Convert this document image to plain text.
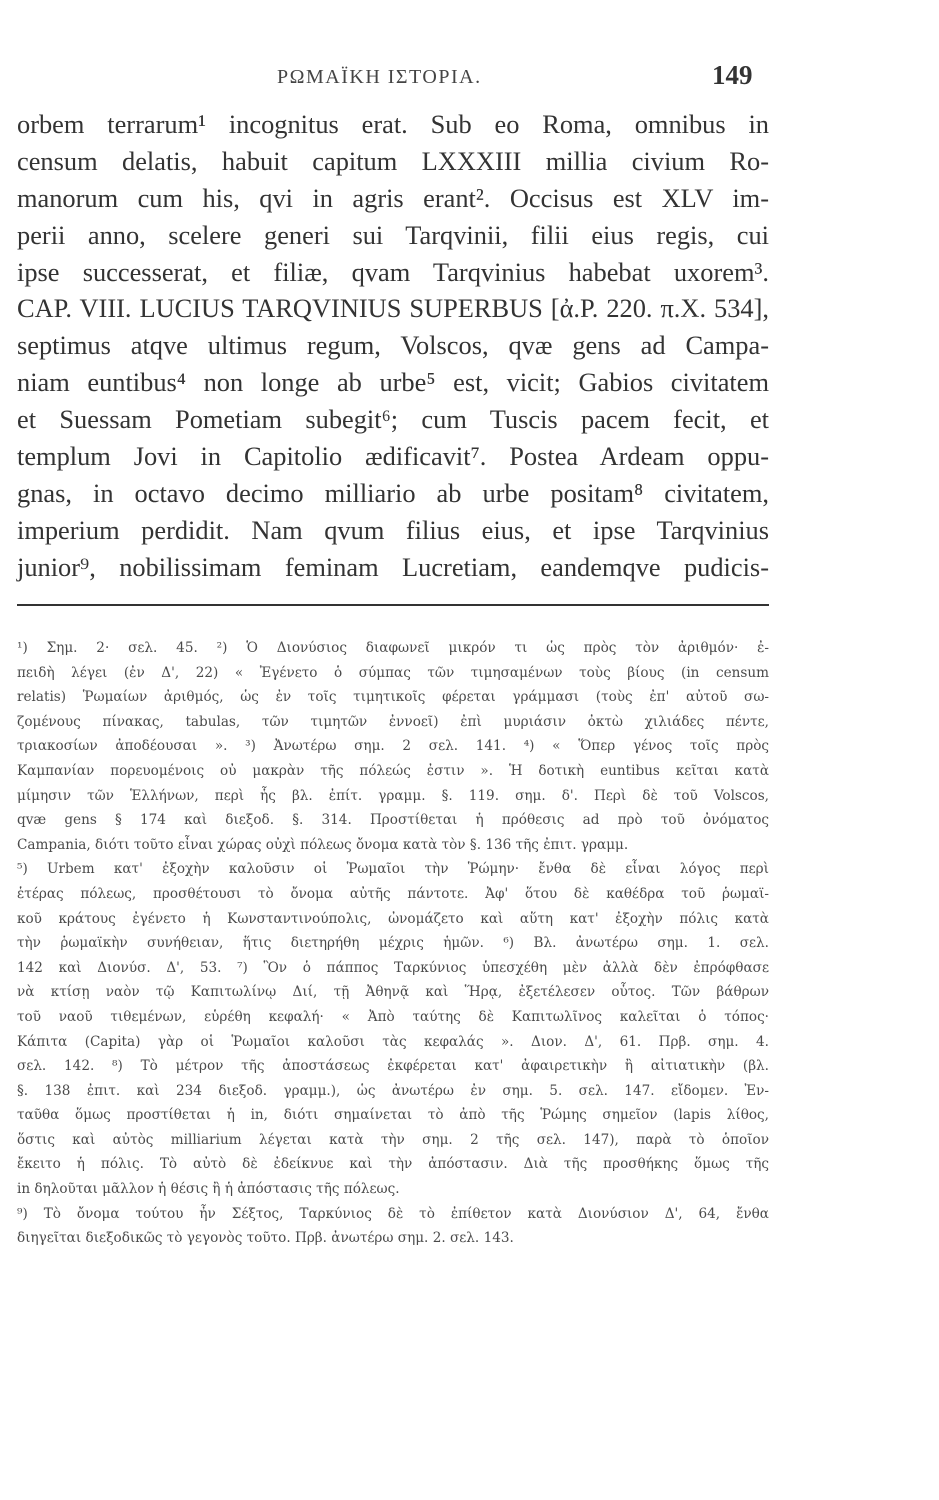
ΡΩΜΑΪΚΗ ΙΣΤΟΡΙΑ.	149
orbem terrarum¹ incognitus erat. Sub eo Roma, omnibus in
censum delatis, habuit capitum LXXXIII millia civium Ro-
manorum cum his, qvi in agris erant². Occisus est XLV im-
perii anno, scelere generi sui Tarqvinii, filii eius regis, cui
ipse successerat, et filiæ, qvam Tarqvinius habebat uxorem³.
CAP. VIII. LUCIUS TARQVINIUS SUPERBUS [ἀ.Ρ. 220. π.Χ. 534],
septimus atqve ultimus regum, Volscos, qvæ gens ad Campa-
niam euntibus⁴ non longe ab urbe⁵ est, vicit; Gabios civitatem
et Suessam Pometiam subegit⁶; cum Tuscis pacem fecit, et
templum Jovi in Capitolio ædificavit⁷. Postea Ardeam oppu-
gnas, in octavo decimo milliario ab urbe positam⁸ civitatem,
imperium perdidit. Nam qvum filius eius, et ipse Tarqvinius
junior⁹, nobilissimam feminam Lucretiam, eandemqve pudicis-
¹) Σημ. 2· σελ. 45. ²) Ὁ Διονύσιος διαφωνεῖ μικρόν τι ὡς πρὸς τὸν ἀριθμόν· ἐ-
πειδὴ λέγει (ἐν Δ', 22) « Ἐγένετο ὁ σύμπας τῶν τιμησαμένων τοὺς βίους (in censum
relatis) Ῥωμαίων ἀριθμός, ὡς ἐν τοῖς τιμητικοῖς φέρεται γράμμασι (τοὺς ἐπ' αὐτοῦ σω-
ζομένους πίνακας, tabulas, τῶν τιμητῶν ἐννοεῖ) ἐπὶ μυριάσιν ὀκτὼ χιλιάδες πέντε,
τριακοσίων ἀποδέουσαι ». ³) Ἀνωτέρω σημ. 2 σελ. 141. ⁴) « Ὅπερ γένος τοῖς πρὸς
Καμπανίαν πορευομένοις οὐ μακρὰν τῆς πόλεώς ἐστιν ». Ἡ δοτικὴ euntibus κεῖται κατὰ
μίμησιν τῶν Ἑλλήνων, περὶ ἧς βλ. ἐπίτ. γραμμ. §. 119. σημ. δ'. Περὶ δὲ τοῦ Volscos,
qvæ gens § 174 καὶ διεξοδ. §. 314. Προστίθεται ἡ πρόθεσις ad πρὸ τοῦ ὀνόματος
Campania, διότι τοῦτο εἶναι χώρας οὐχὶ πόλεως ὄνομα κατὰ τὸν §. 136 τῆς ἐπιτ. γραμμ.
⁵) Urbem κατ' ἐξοχὴν καλοῦσιν οἱ Ῥωμαῖοι τὴν Ῥώμην· ἔνθα δὲ εἶναι λόγος περὶ
ἑτέρας πόλεως, προσθέτουσι τὸ ὄνομα αὐτῆς πάντοτε. Ἀφ' ὅτου δὲ καθέδρα τοῦ ῥωμαϊ-
κοῦ κράτους ἐγένετο ἡ Κωνσταντινούπολις, ὠνομάζετο καὶ αὕτη κατ' ἐξοχὴν πόλις κατὰ
τὴν ῥωμαϊκὴν συνήθειαν, ἥτις διετηρήθη μέχρις ἡμῶν. ⁶) Βλ. ἀνωτέρω σημ. 1. σελ.
142 καὶ Διονύσ. Δ', 53. ⁷) Ὃν ὁ πάππος Ταρκύνιος ὑπεσχέθη μὲν ἀλλὰ δὲν ἐπρόφθασε
νὰ κτίσῃ ναὸν τῷ Καπιτωλίνῳ Διί, τῇ Ἀθηνᾷ καὶ Ἥρᾳ, ἐξετέλεσεν οὗτος. Τῶν βάθρων
τοῦ ναοῦ τιθεμένων, εὑρέθη κεφαλή· « Ἀπὸ ταύτης δὲ Καπιτωλῖνος καλεῖται ὁ τόπος·
Κάπιτα (Capita) γὰρ οἱ Ῥωμαῖοι καλοῦσι τὰς κεφαλάς ». Διον. Δ', 61. Πρβ. σημ. 4.
σελ. 142. ⁸) Τὸ μέτρον τῆς ἀποστάσεως ἐκφέρεται κατ' ἀφαιρετικὴν ἢ αἰτιατικὴν (βλ.
§. 138 ἐπιτ. καὶ 234 διεξοδ. γραμμ.), ὡς ἀνωτέρω ἐν σημ. 5. σελ. 147. εἴδομεν. Ἐν-
ταῦθα ὅμως προστίθεται ἡ in, διότι σημαίνεται τὸ ἀπὸ τῆς Ῥώμης σημεῖον (lapis λίθος,
ὅστις καὶ αὐτὸς milliarium λέγεται κατὰ τὴν σημ. 2 τῆς σελ. 147), παρὰ τὸ ὁποῖον
ἔκειτο ἡ πόλις. Τὸ αὐτὸ δὲ ἐδείκνυε καὶ τὴν ἀπόστασιν. Διὰ τῆς προσθήκης ὅμως τῆς
in δηλοῦται μᾶλλον ἡ θέσις ἢ ἡ ἀπόστασις τῆς πόλεως.
⁹) Τὸ ὄνομα τούτου ἦν Σέξτος, Ταρκύνιος δὲ τὸ ἐπίθετον κατὰ Διονύσιον Δ', 64, ἔνθα
διηγεῖται διεξοδικῶς τὸ γεγονὸς τοῦτο. Πρβ. ἀνωτέρω σημ. 2. σελ. 143.
